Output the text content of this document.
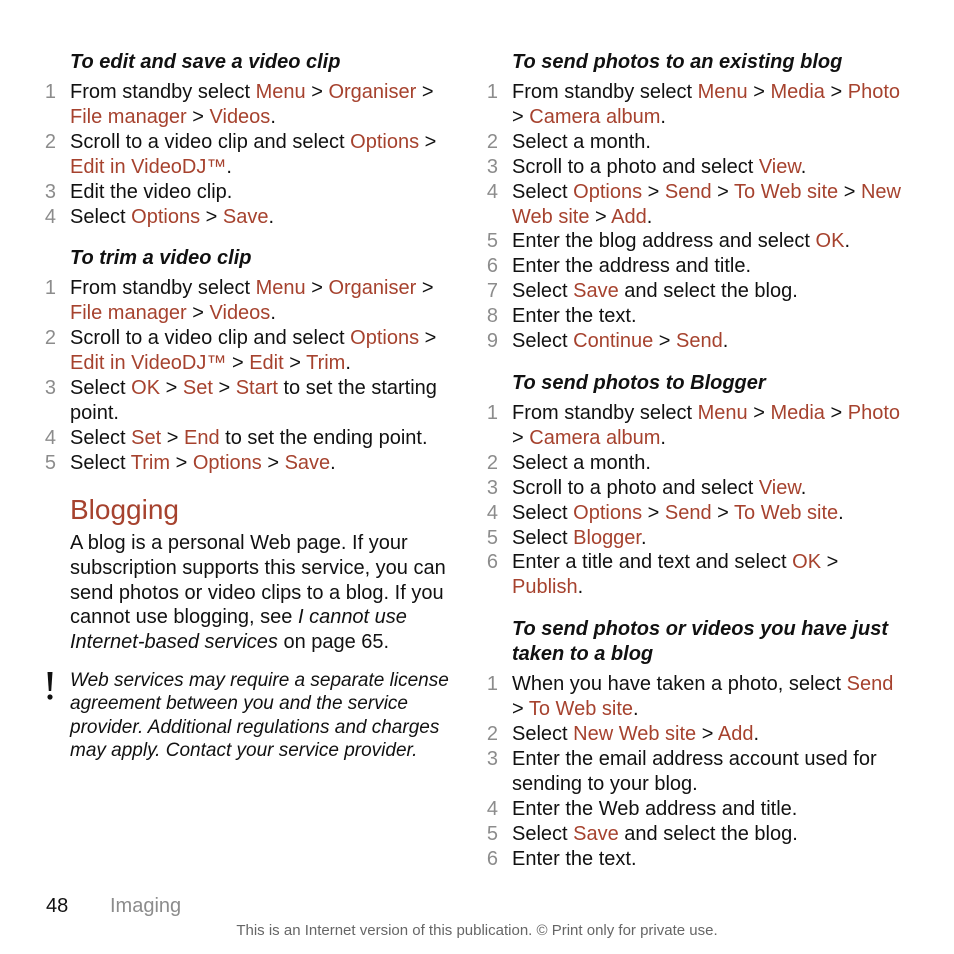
To edit and save a video clip
1 From standby select Menu > Organiser > File manager > Videos.
2 Scroll to a video clip and select Options > Edit in VideoDJ™.
3 Edit the video clip.
4 Select Options > Save.
To trim a video clip
1 From standby select Menu > Organiser > File manager > Videos.
2 Scroll to a video clip and select Options > Edit in VideoDJ™ > Edit > Trim.
3 Select OK > Set > Start to set the starting point.
4 Select Set > End to set the ending point.
5 Select Trim > Options > Save.
Blogging

A blog is a personal Web page. If your subscription supports this service, you can send photos or video clips to a blog. If you cannot use blogging, see I cannot use Internet-based services on page 65.

Web services may require a separate license agreement between you and the service provider. Additional regulations and charges may apply. Contact your service provider.
To send photos to an existing blog
1 From standby select Menu > Media > Photo > Camera album.
2 Select a month.
3 Scroll to a photo and select View.
4 Select Options > Send > To Web site > New Web site > Add.
5 Enter the blog address and select OK.
6 Enter the address and title.
7 Select Save and select the blog.
8 Enter the text.
9 Select Continue > Send.
To send photos to Blogger
1 From standby select Menu > Media > Photo > Camera album.
2 Select a month.
3 Scroll to a photo and select View.
4 Select Options > Send > To Web site.
5 Select Blogger.
6 Enter a title and text and select OK > Publish.
To send photos or videos you have just taken to a blog
1 When you have taken a photo, select Send > To Web site.
2 Select New Web site > Add.
3 Enter the email address account used for sending to your blog.
4 Enter the Web address and title.
5 Select Save and select the blog.
6 Enter the text.
48 Imaging
This is an Internet version of this publication. © Print only for private use.
